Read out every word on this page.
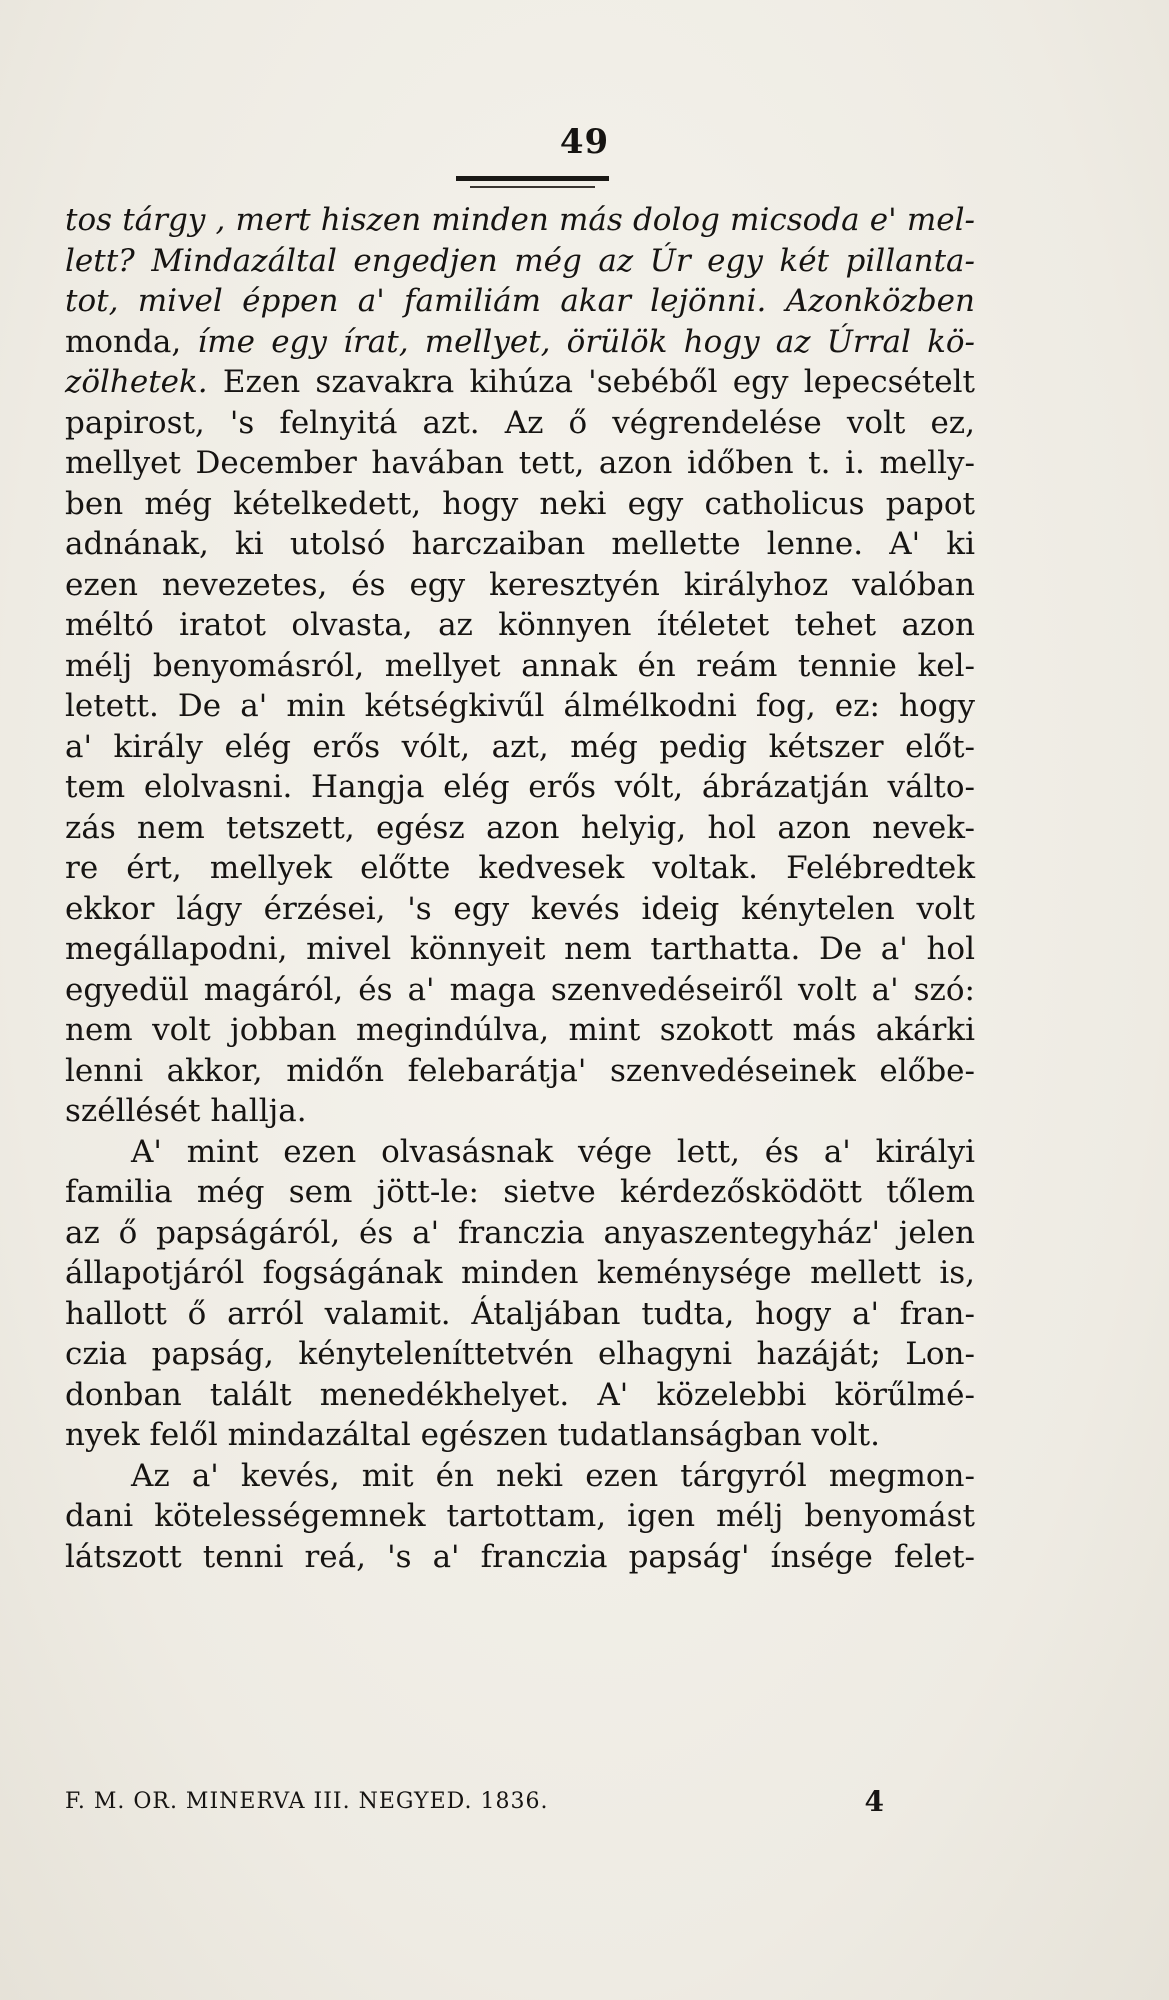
49
tos tárgy , mert hiszen minden más dolog micsoda e' mel-
lett? Mindazáltal engedjen még az Úr egy két pillanta-
tot, mivel éppen a' familiám akar lejönni. Azonközben
monda, íme egy írat, mellyet, örülök hogy az Úrral kö-
zölhetek. Ezen szavakra kihúza 'sebéből egy lepecsételt
papirost, 's felnyitá azt. Az ő végrendelése volt ez,
mellyet December havában tett, azon időben t. i. melly-
ben még kételkedett, hogy neki egy catholicus papot
adnának, ki utolsó harczaiban mellette lenne. A' ki
ezen nevezetes, és egy keresztyén királyhoz valóban
méltó iratot olvasta, az könnyen ítéletet tehet azon
mélj benyomásról, mellyet annak én reám tennie kel-
letett. De a' min kétségkivűl álmélkodni fog, ez: hogy
a' király elég erős vólt, azt, még pedig kétszer előt-
tem elolvasni. Hangja elég erős vólt, ábrázatján válto-
zás nem tetszett, egész azon helyig, hol azon nevek-
re ért, mellyek előtte kedvesek voltak. Felébredtek
ekkor lágy érzései, 's egy kevés ideig kénytelen volt
megállapodni, mivel könnyeit nem tarthatta. De a' hol
egyedül magáról, és a' maga szenvedéseiről volt a' szó:
nem volt jobban megindúlva, mint szokott más akárki
lenni akkor, midőn felebarátja' szenvedéseinek előbe-
széllését hallja.
A' mint ezen olvasásnak vége lett, és a' királyi
familia még sem jött-le: sietve kérdezősködött tőlem
az ő papságáról, és a' francziа anyaszentegyház' jelen
állapotjáról fogságának minden keménysége mellett is,
hallott ő arról valamit. Átaljában tudta, hogy a' fran-
czia papság, kényteleníttetvén elhagyni hazáját; Lon-
donban talált menedékhelyet. A' közelebbi körűlmé-
nyek felől mindazáltal egészen tudatlanságban volt.
Az a' kevés, mit én neki ezen tárgyról megmon-
dani kötelességemnek tartottam, igen mélj benyomást
látszott tenni reá, 's a' franczia papság' ínsége felet-
F. M. OR. MINERVA III. NEGYED. 1836.	4
